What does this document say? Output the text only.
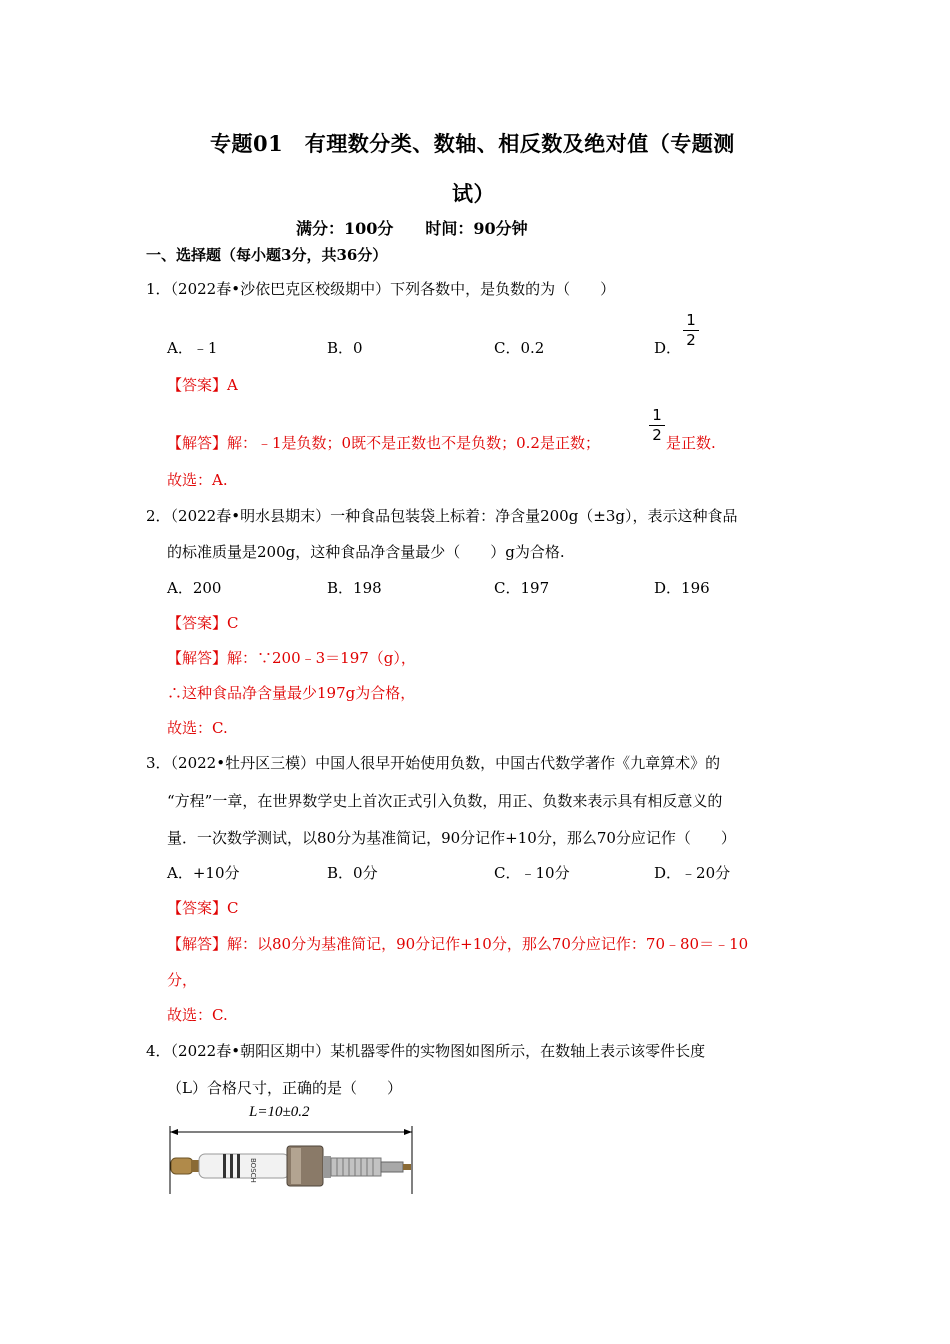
专题01　有理数分类、数轴、相反数及绝对值（专题测
试）
满分：100分　　时间：90分钟
一、选择题（每小题3分，共36分）
1．（2022春•沙依巴克区校级期中）下列各数中，是负数的为（　　）
A．﹣1	B．0	C．0.2	D．
1
2
【答案】A
【解答】解：﹣1是负数；0既不是正数也不是负数；0.2是正数；
1
2 是正数.
故选：A.
2．（2022春•明水县期末）一种食品包装袋上标着：净含量200g（±3g），表示这种食品
的标准质量是200g，这种食品净含量最少（　　）g为合格.
A．200	B．198	C．197	D．196
【答案】C
【解答】解：∵200﹣3＝197（g），
∴这种食品净含量最少197g为合格，
故选：C.
3．（2022•牡丹区三模）中国人很早开始使用负数，中国古代数学著作《九章算术》的
“方程”一章，在世界数学史上首次正式引入负数，用正、负数来表示具有相反意义的
量．一次数学测试，以80分为基准简记，90分记作+10分，那么70分应记作（　　）
A．+10分	B．0分	C．﹣10分	D．﹣20分
【答案】C
【解答】解：以80分为基准简记，90分记作+10分，那么70分应记作：70﹣80＝﹣10
分，
故选：C.
4．（2022春•朝阳区期中）某机器零件的实物图如图所示，在数轴上表示该零件长度
（L）合格尺寸，正确的是（　　）
L=10±0.2
BOSCH
